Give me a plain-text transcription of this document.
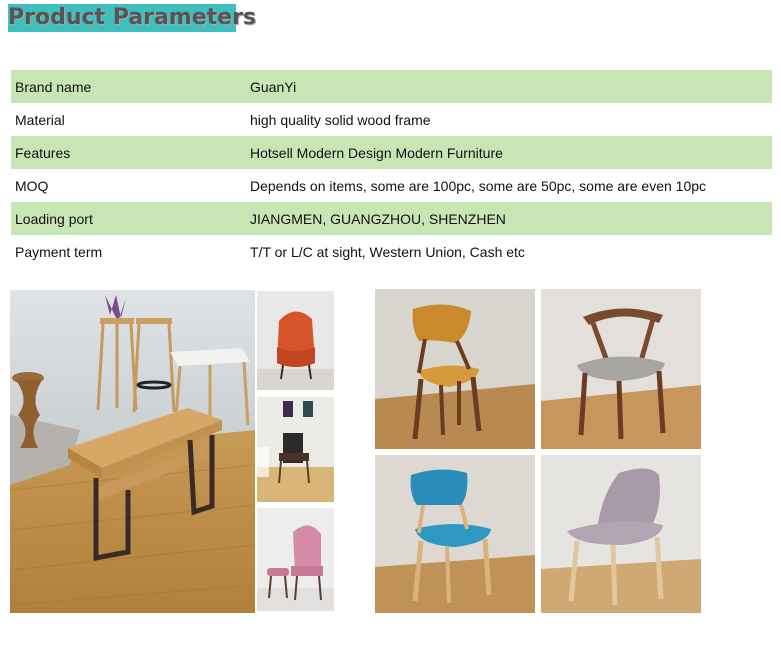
Product Parameters
Brand name	GuanYi
Material	high quality solid wood frame
Features	Hotsell Modern Design Modern Furniture
MOQ	Depends on items, some are 100pc, some are 50pc, some are even 10pc
Loading port	JIANGMEN, GUANGZHOU, SHENZHEN
Payment term	T/T or L/C at sight, Western Union, Cash etc
